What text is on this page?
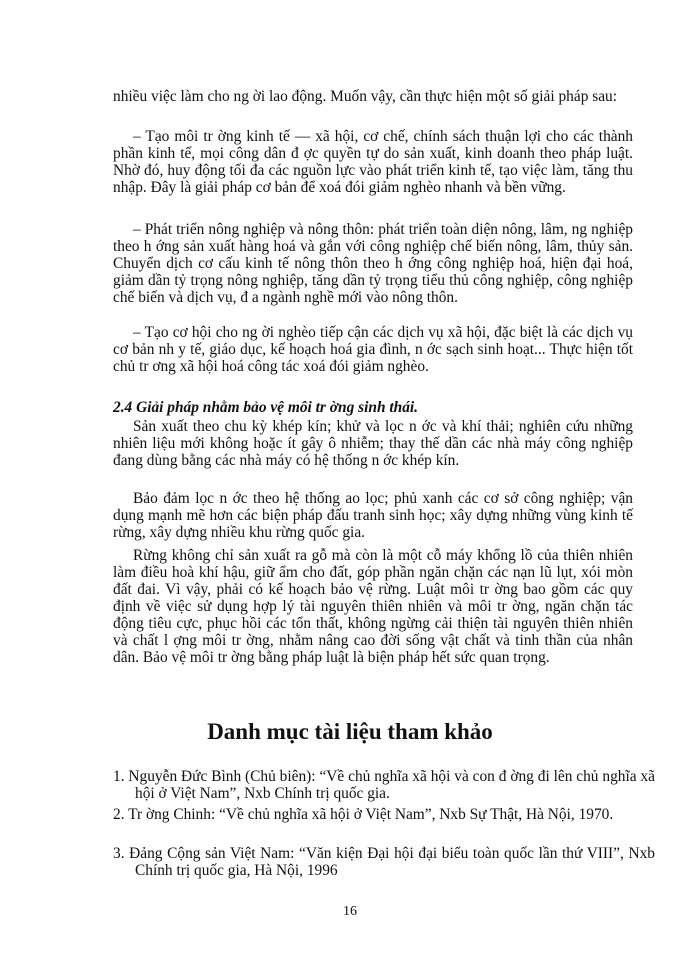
nhiều việc làm cho ng ời lao động. Muốn vậy, cần thực hiện một số giải pháp sau:

– Tạo môi tr ờng kinh tế — xã hội, cơ chế, chính sách thuận lợi cho các thành phần kinh tế, mọi công dân đ ợc quyền tự do sản xuất, kinh doanh theo pháp luật. Nhờ đó, huy động tối đa các nguồn lực vào phát triển kinh tế, tạo việc làm, tăng thu nhập. Đây là giải pháp cơ bản để xoá đói giảm nghèo nhanh và bền vững.

– Phát triển nông nghiệp và nông thôn: phát triển toàn diện nông, lâm, ng nghiệp theo h ớng sản xuất hàng hoá và gắn với công nghiệp chế biến nông, lâm, thủy sản. Chuyển dịch cơ cấu kinh tế nông thôn theo h ớng công nghiệp hoá, hiện đại hoá, giảm dần tỷ trọng nông nghiệp, tăng dần tỷ trọng tiểu thủ công nghiệp, công nghiệp chế biến và dịch vụ, đ a ngành nghề mới vào nông thôn.

– Tạo cơ hội cho ng ời nghèo tiếp cận các dịch vụ xã hội, đặc biệt là các dịch vụ cơ bản nh y tế, giáo dục, kế hoạch hoá gia đình, n ớc sạch sinh hoạt... Thực hiện tốt chủ tr ơng xã hội hoá công tác xoá đói giảm nghèo.

2.4 Giải pháp nhằm bảo vệ môi tr ờng sinh thái.

Sản xuất theo chu kỳ khép kín; khử và lọc n ớc và khí thải; nghiên cứu những nhiên liệu mới không hoặc ít gây ô nhiễm; thay thế dần các nhà máy công nghiệp đang dùng bằng các nhà máy có hệ thống n ớc khép kín.

Bảo đảm lọc n ớc theo hệ thống ao lọc; phủ xanh các cơ sở công nghiệp; vận dụng mạnh mẽ hơn các biện pháp đấu tranh sinh học; xây dựng những vùng kinh tế rừng, xây dựng nhiều khu rừng quốc gia.

Rừng không chỉ sản xuất ra gỗ mà còn là một cỗ máy khổng lồ của thiên nhiên làm điều hoà khí hậu, giữ ẩm cho đất, góp phần ngăn chặn các nạn lũ lụt, xói mòn đất đai. Vì vậy, phải có kế hoạch bảo vệ rừng. Luật môi tr ờng bao gồm các quy định về việc sử dụng hợp lý tài nguyên thiên nhiên và môi tr ờng, ngăn chặn tác động tiêu cực, phục hồi các tổn thất, không ngừng cải thiện tài nguyên thiên nhiên và chất l ợng môi tr ờng, nhằm nâng cao đời sống vật chất và tinh thần của nhân dân. Bảo vệ môi tr ờng bằng pháp luật là biện pháp hết sức quan trọng.

Danh mục tài liệu tham khảo

1. Nguyễn Đức Bình (Chủ biên): “Về chủ nghĩa xã hội và con đ ờng đi lên chủ nghĩa xã hội ở Việt Nam”, Nxb Chính trị quốc gia.

2. Tr ờng Chinh: “Về chủ nghĩa xã hội ở Việt Nam”, Nxb Sự Thật, Hà Nội, 1970.

3. Đảng Cộng sản Việt Nam: “Văn kiện Đại hội đại biểu toàn quốc lần thứ VIII”, Nxb Chính trị quốc gia, Hà Nội, 1996

16
